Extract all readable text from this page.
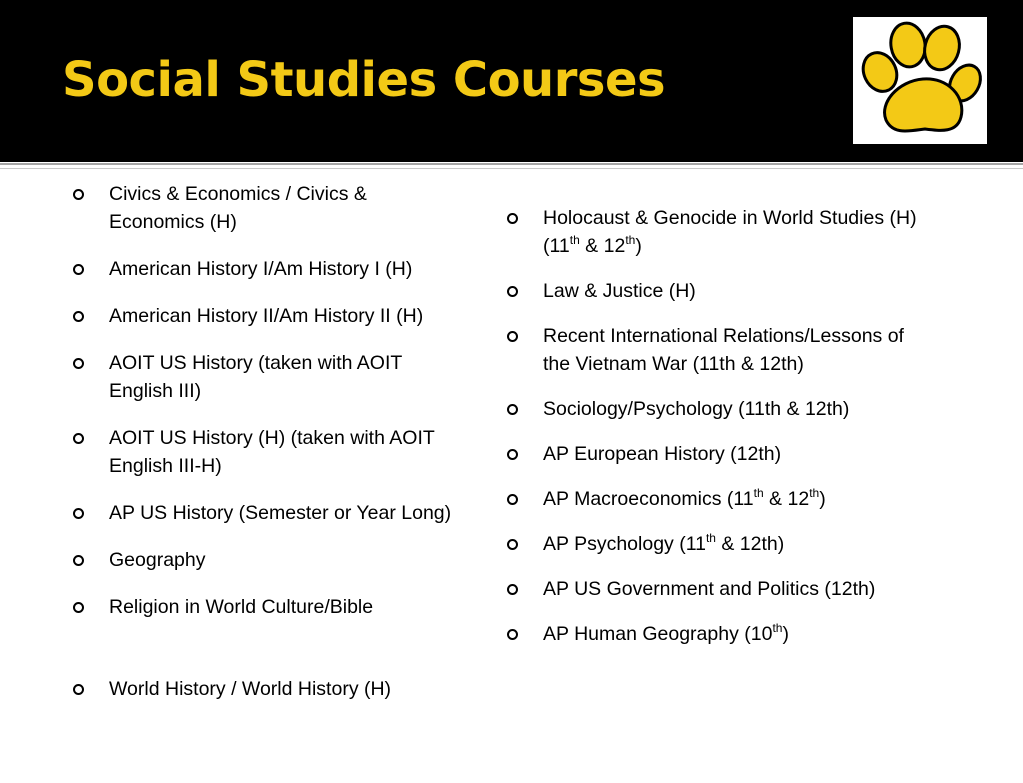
Social Studies Courses
Civics & Economics / Civics &
Economics (H)
American History I/Am History I (H)
American History II/Am History II (H)
AOIT US History (taken with AOIT
English III)
AOIT US History (H) (taken with AOIT
English III-H)
AP US History (Semester or Year Long)
Geography
Religion in World Culture/Bible
World History / World History (H)
Holocaust & Genocide in World Studies (H)
(11th & 12th)
Law & Justice (H)
Recent International Relations/Lessons of
the Vietnam War (11th & 12th)
Sociology/Psychology (11th & 12th)
AP European History (12th)
AP Macroeconomics (11th & 12th)
AP Psychology (11th & 12th)
AP US Government and Politics (12th)
AP Human Geography (10th)
